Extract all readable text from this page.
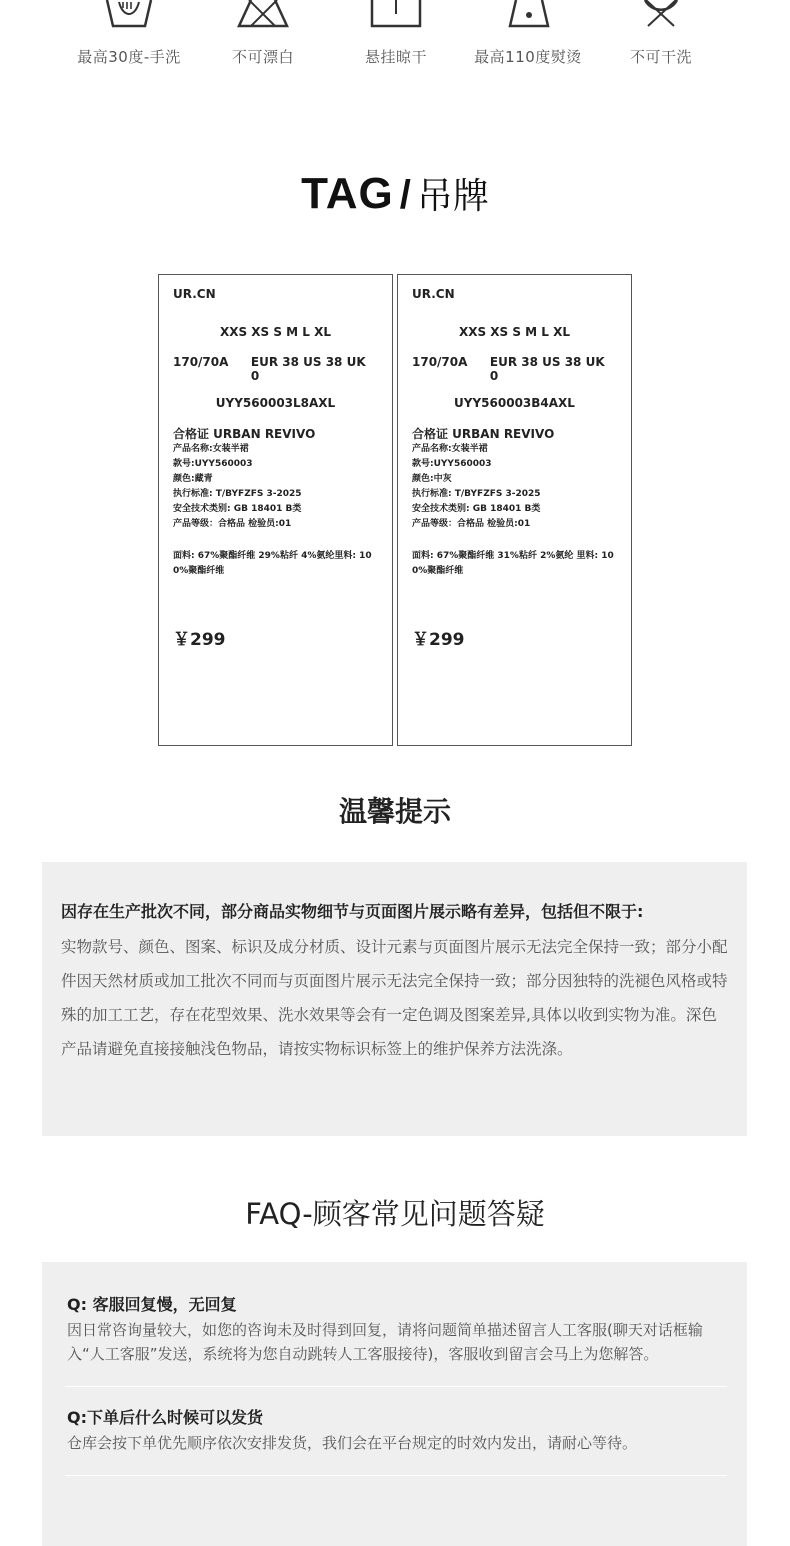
最高30度-手洗	不可漂白	悬挂晾干	最高110度熨烫	不可干洗
TAG / 吊牌
UR.CN
XXS XS S M L XL
170/70A	EUR 38 US 38 UK 0
UYY560003L8AXL
合格证 URBAN REVIVO
产品名称:女装半裙
款号:UYY560003
颜色:藏青
执行标准: T/BYFZFS 3-2025
安全技术类别: GB 18401 B类
产品等级：合格品 检验员:01
面料: 67%聚酯纤维 29%粘纤 4%氨纶里料: 100%聚酯纤维
￥299
UR.CN
XXS XS S M L XL
170/70A	EUR 38 US 38 UK 0
UYY560003B4AXL
合格证 URBAN REVIVO
产品名称:女装半裙
款号:UYY560003
颜色:中灰
执行标准: T/BYFZFS 3-2025
安全技术类别: GB 18401 B类
产品等级：合格品 检验员:01
面料: 67%聚酯纤维 31%粘纤 2%氨纶 里料: 100%聚酯纤维
￥299
温馨提示
因存在生产批次不同，部分商品实物细节与页面图片展示略有差异，包括但不限于:
实物款号、颜色、图案、标识及成分材质、设计元素与页面图片展示无法完全保持一致；部分小配件因天然材质或加工批次不同而与页面图片展示无法完全保持一致；部分因独特的洗褪色风格或特殊的加工工艺，存在花型效果、洗水效果等会有一定色调及图案差异,具体以收到实物为准。深色产品请避免直接接触浅色物品，请按实物标识标签上的维护保养方法洗涤。
FAQ-顾客常见问题答疑
Q: 客服回复慢，无回复
因日常咨询量较大，如您的咨询未及时得到回复，请将问题简单描述留言人工客服(聊天对话框输入“人工客服”发送，系统将为您自动跳转人工客服接待)，客服收到留言会马上为您解答。
Q:下单后什么时候可以发货
仓库会按下单优先顺序依次安排发货，我们会在平台规定的时效内发出，请耐心等待。
